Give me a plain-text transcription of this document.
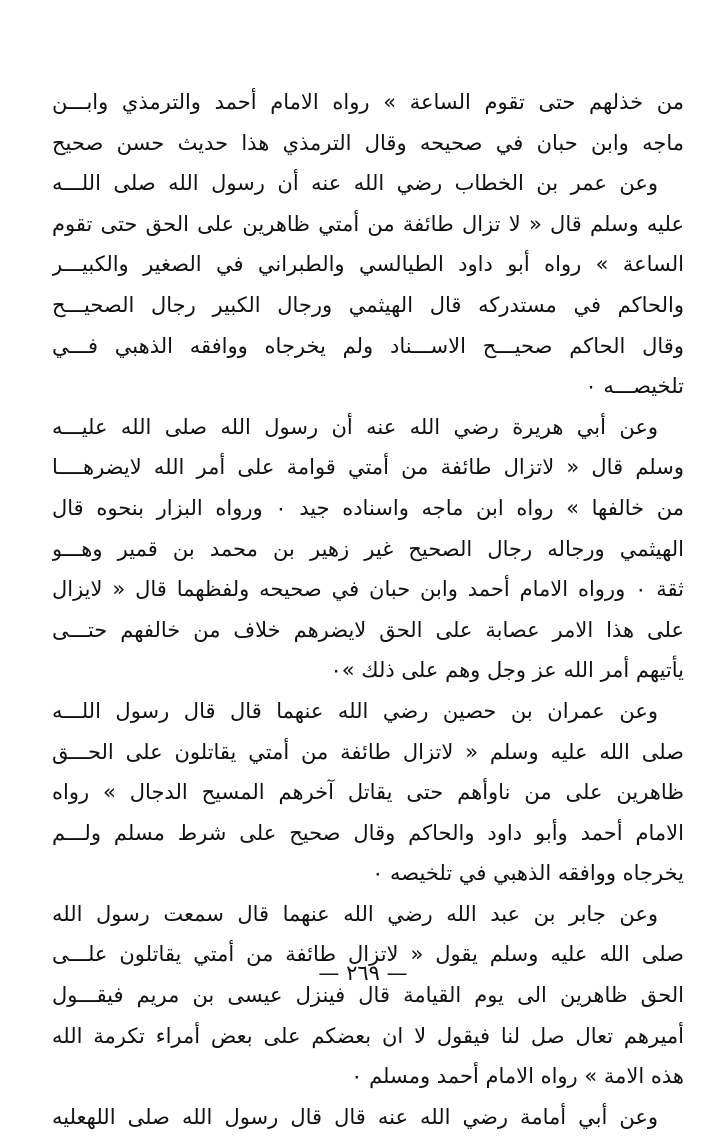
من خذلهم حتى تقوم الساعة » رواه الامام أحمد والترمذي وابـــن
ماجه وابن حبان في صحيحه وقال الترمذي هذا حديث حسن صحيح
وعن عمر بن الخطاب رضي الله عنه أن رسول الله صلى اللـــه
عليه وسلم قال « لا تزال طائفة من أمتي ظاهرين على الحق حتى تقوم
الساعة » رواه أبو داود الطيالسي والطبراني في الصغير والكبيـــر
والحاكم في مستدركه قال الهيثمي ورجال الكبير رجال الصحيـــح
وقال الحاكم صحيـــح الاســـناد ولم يخرجاه ووافقه الذهبي فـــي
تلخيصـــه ٠
وعن أبي هريرة رضي الله عنه أن رسول الله صلى الله عليـــه
وسلم قال « لاتزال طائفة من أمتي قوامة على أمر الله لايضرهــــا
من خالفها » رواه ابن ماجه واسناده جيد ٠ ورواه البزار بنحوه قال
الهيثمي ورجاله رجال الصحيح غير زهير بن محمد بن قمير وهـــو
ثقة ٠ ورواه الامام أحمد وابن حبان في صحيحه ولفظهما قال « لايزال
على هذا الامر عصابة على الحق لايضرهم خلاف من خالفهم حتـــى
يأتيهم أمر الله عز وجل وهم على ذلك »٠
وعن عمران بن حصين رضي الله عنهما قال قال رسول اللـــه
صلى الله عليه وسلم « لاتزال طائفة من أمتي يقاتلون على الحـــق
ظاهرين على من ناوأهم حتى يقاتل آخرهم المسيح الدجال » رواه
الامام أحمد وأبو داود والحاكم وقال صحيح على شرط مسلم ولـــم
يخرجاه ووافقه الذهبي في تلخيصه ٠
وعن جابر بن عبد الله رضي الله عنهما قال سمعت رسول الله
صلى الله عليه وسلم يقول « لاتزال طائفة من أمتي يقاتلون علـــى
الحق ظاهرين الى يوم القيامة قال فينزل عيسى بن مريم فيقـــول
أميرهم تعال صل لنا فيقول لا ان بعضكم على بعض أمراء تكرمة الله
هذه الامة » رواه الامام أحمد ومسلم ٠
وعن أبي أمامة رضي الله عنه قال قال رسول الله صلى اللهعليه
— ٢٦٩ —
